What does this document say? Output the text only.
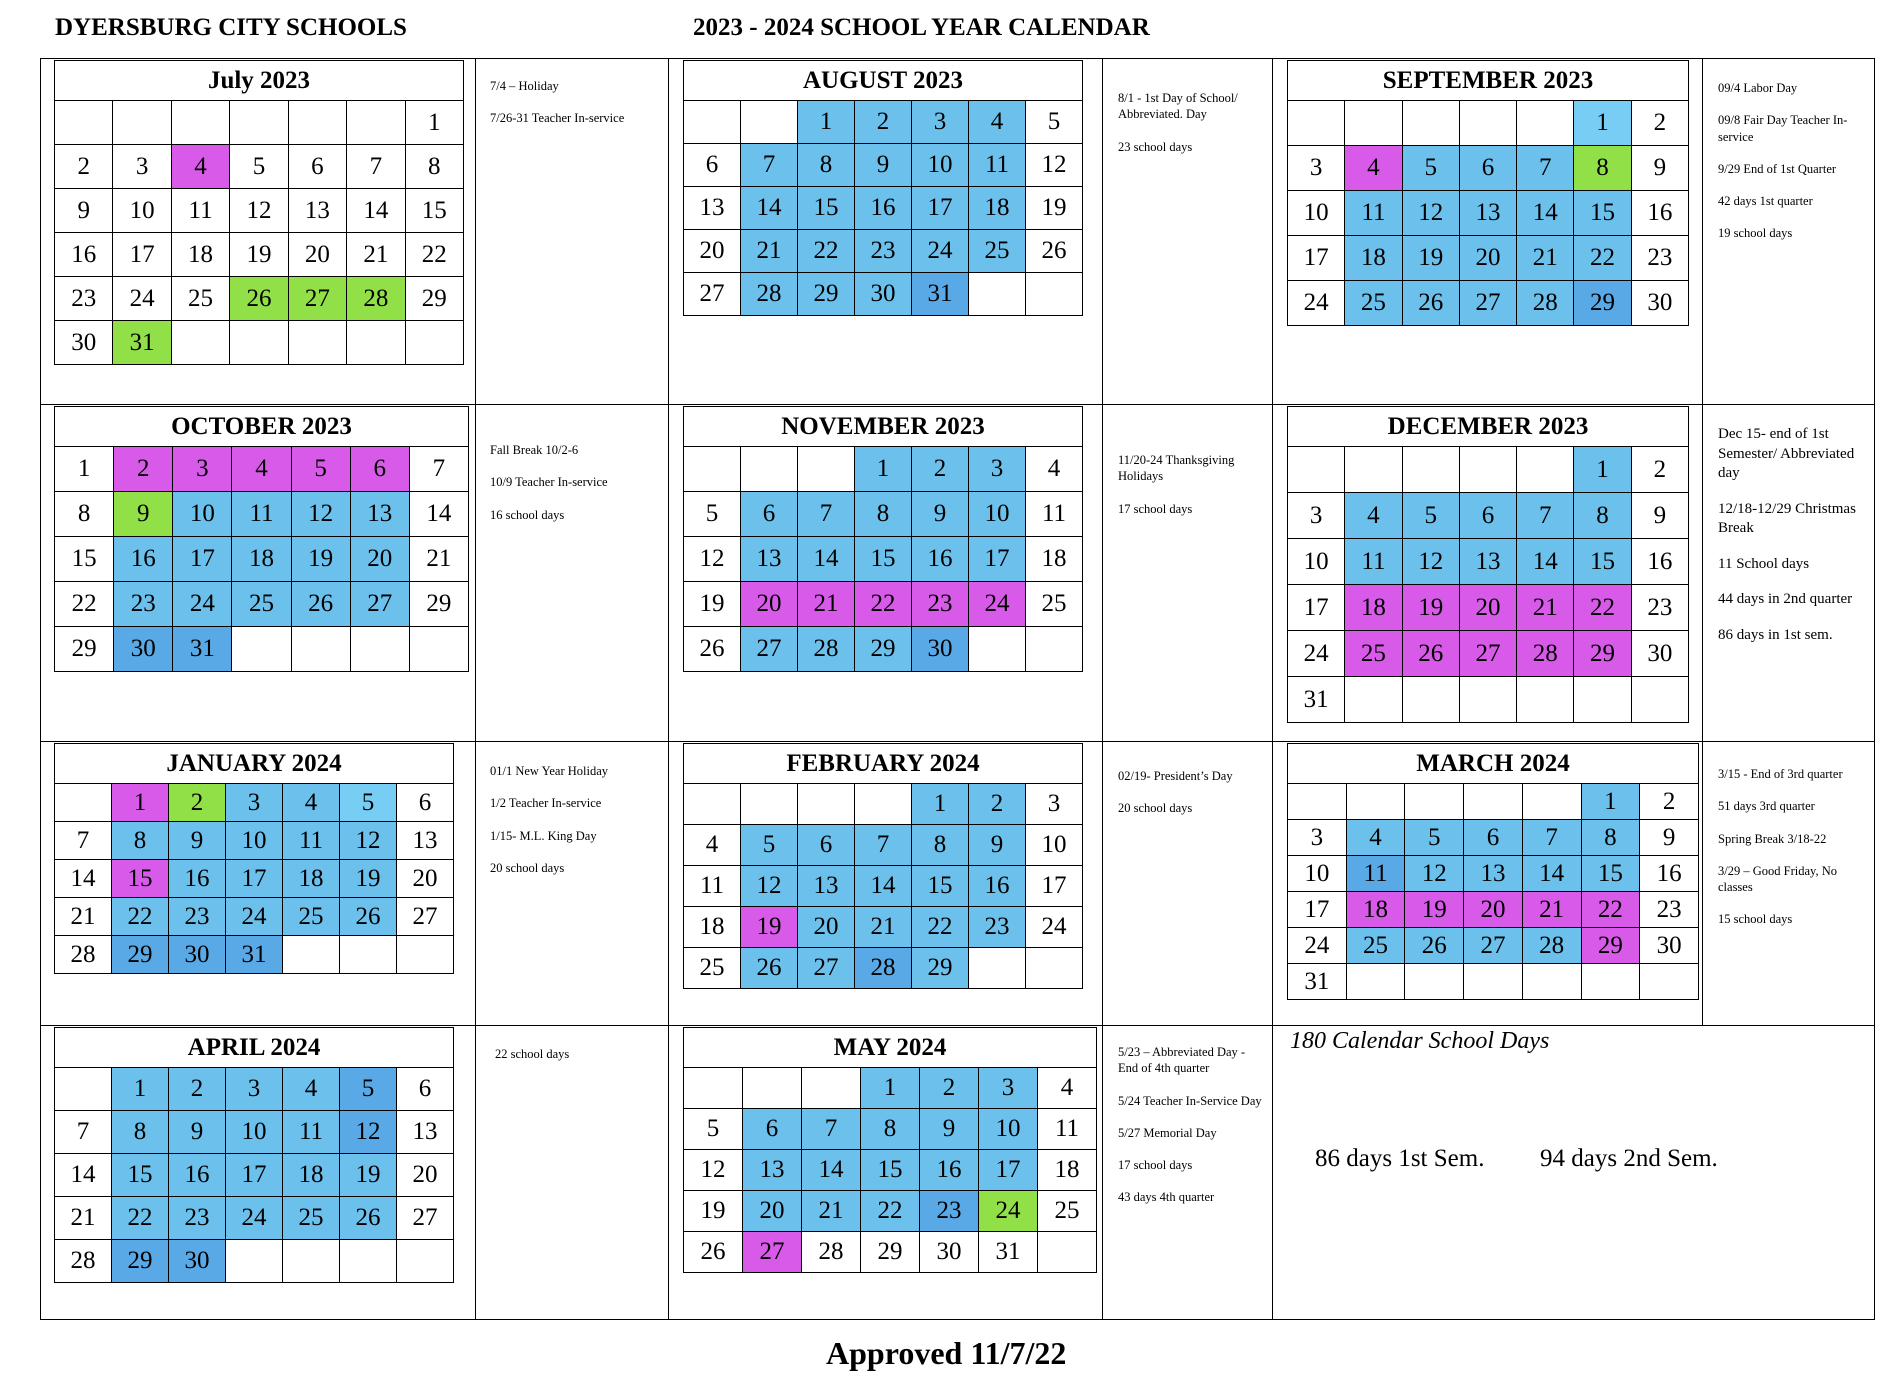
DYERSBURG CITY SCHOOLS	2023 - 2024 SCHOOL YEAR CALENDAR
July 2023
						1
2	3	4	5	6	7	8
9	10	11	12	13	14	15
16	17	18	19	20	21	22
23	24	25	26	27	28	29
30	31					
AUGUST 2023
		1	2	3	4	5
6	7	8	9	10	11	12
13	14	15	16	17	18	19
20	21	22	23	24	25	26
27	28	29	30	31		
SEPTEMBER 2023
					1	2
3	4	5	6	7	8	9
10	11	12	13	14	15	16
17	18	19	20	21	22	23
24	25	26	27	28	29	30
OCTOBER 2023
1	2	3	4	5	6	7
8	9	10	11	12	13	14
15	16	17	18	19	20	21
22	23	24	25	26	27	29
29	30	31				
NOVEMBER 2023
			1	2	3	4
5	6	7	8	9	10	11
12	13	14	15	16	17	18
19	20	21	22	23	24	25
26	27	28	29	30		
DECEMBER 2023
					1	2
3	4	5	6	7	8	9
10	11	12	13	14	15	16
17	18	19	20	21	22	23
24	25	26	27	28	29	30
31						
JANUARY 2024
	1	2	3	4	5	6
7	8	9	10	11	12	13
14	15	16	17	18	19	20
21	22	23	24	25	26	27
28	29	30	31			
FEBRUARY 2024
				1	2	3
4	5	6	7	8	9	10
11	12	13	14	15	16	17
18	19	20	21	22	23	24
25	26	27	28	29		
MARCH 2024
					1	2
3	4	5	6	7	8	9
10	11	12	13	14	15	16
17	18	19	20	21	22	23
24	25	26	27	28	29	30
31						
APRIL 2024
	1	2	3	4	5	6
7	8	9	10	11	12	13
14	15	16	17	18	19	20
21	22	23	24	25	26	27
28	29	30				
MAY 2024
			1	2	3	4
5	6	7	8	9	10	11
12	13	14	15	16	17	18
19	20	21	22	23	24	25
26	27	28	29	30	31	

7/4 – Holiday

7/26-31 Teacher In-service

8/1 - 1st Day of School/ Abbreviated. Day

23 school days

09/4 Labor Day

09/8 Fair Day Teacher In-service

9/29 End of 1st Quarter

42 days 1st quarter

19 school days

Fall Break 10/2-6

10/9 Teacher In-service

16 school days

11/20-24 Thanksgiving Holidays

17 school days

Dec 15- end of 1st Semester/ Abbreviated day

12/18-12/29 Christmas Break

11 School days

44 days in 2nd quarter

86 days in 1st sem.

01/1 New Year Holiday

1/2 Teacher In-service

1/15- M.L. King Day

20 school days

02/19- President’s Day

20 school days

3/15 - End of 3rd quarter

51 days 3rd quarter

Spring Break 3/18-22

3/29 – Good Friday, No classes

15 school days

22 school days	5/23 – Abbreviated Day - End of 4th quarter

5/24 Teacher In-Service Day

5/27 Memorial Day

17 school days

43 days 4th quarter

180 Calendar School Days
86 days 1st Sem. 94 days 2nd Sem.
Approved 11/7/22
